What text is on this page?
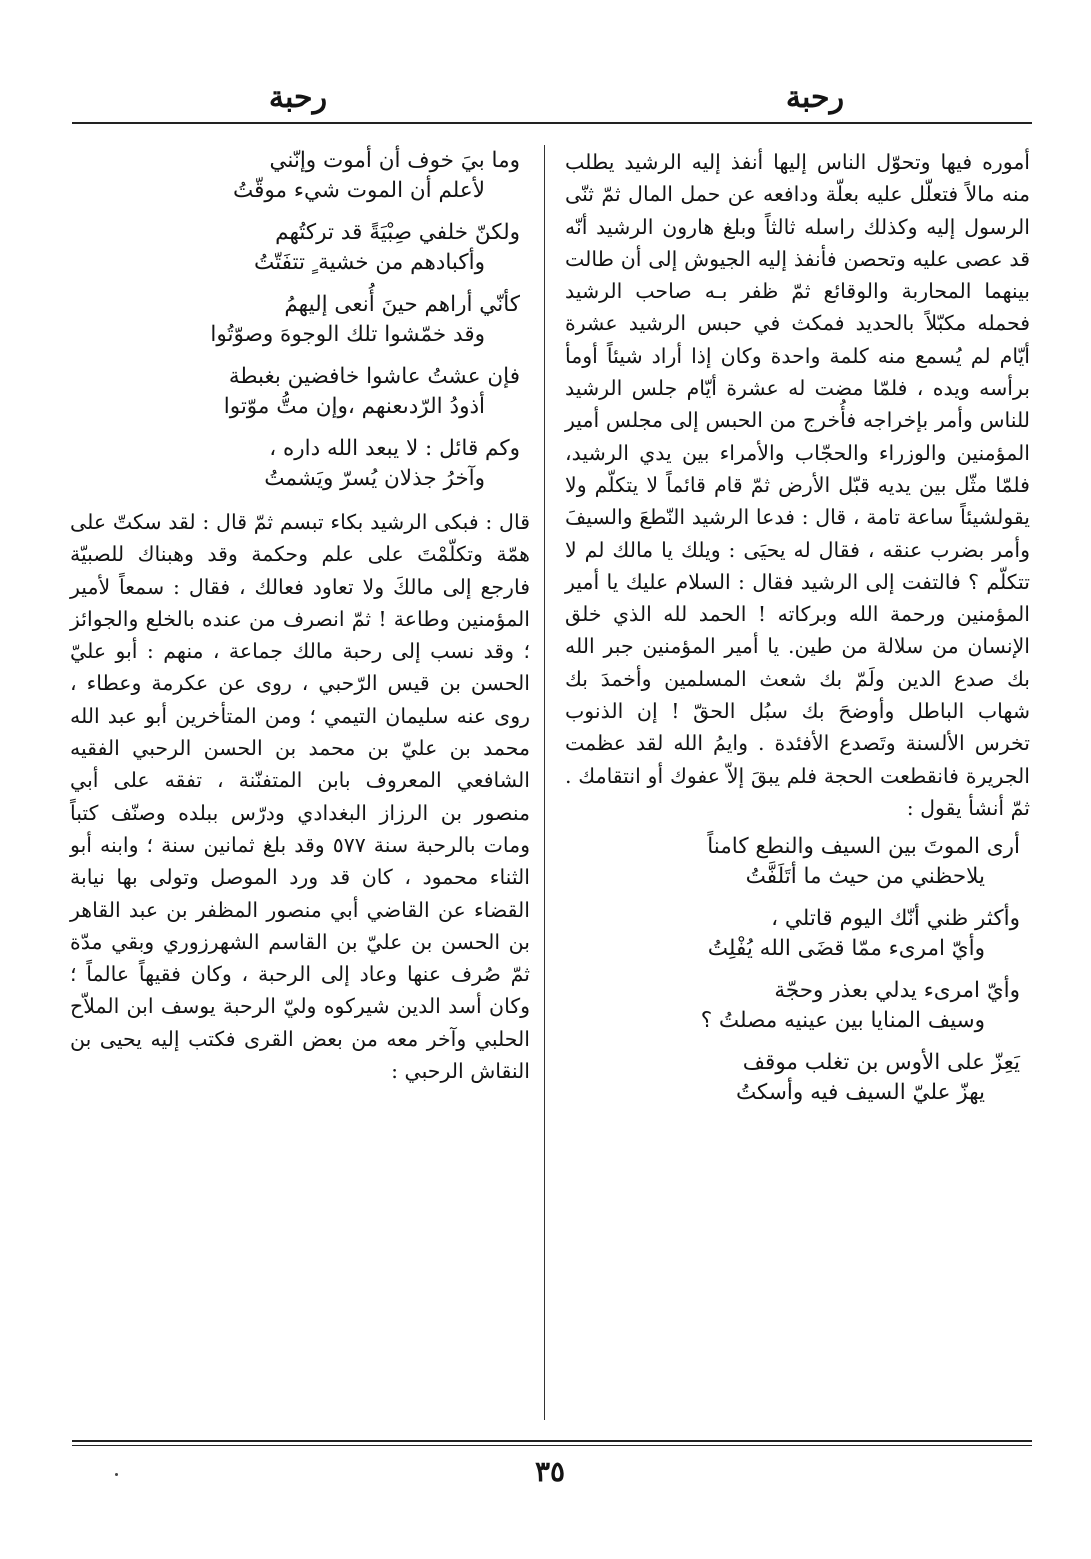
رحبة
رحبة

أموره فيها وتحوّل الناس إليها أنفذ إليه الرشيد يطلب منه مالاً فتعلّل عليه بعلّة ودافعه عن حمل المال ثمّ ثنّى الرسول إليه وكذلك راسله ثالثاً وبلغ هارون الرشيد أنّه قد عصى عليه وتحصن فأنفذ إليه الجيوش إلى أن طالت بينهما المحاربة والوقائع ثمّ ظفر بـه صاحب الرشيد فحمله مكبّلاً بالحديد فمكث في حبس الرشيد عشرة أيّام لم يُسمع منه كلمة واحدة وكان إذا أراد شيئاً أومأ برأسه ويده ، فلمّا مضت له عشرة أيّام جلس الرشيد للناس وأمر بإخراجه فأُخرج من الحبس إلى مجلس أمير المؤمنين والوزراء والحجّاب والأمراء بين يدي الرشيد، فلمّا مثّل بين يديه قبّل الأرض ثمّ قام قائماً لا يتكلّم ولا يقولشيئاً ساعة تامة ، قال : فدعا الرشيد النّطعَ والسيفَ وأمر بضرب عنقه ، فقال له يحيَى : ويلك يا مالك لم لا تتكلّم ؟ فالتفت إلى الرشيد فقال : السلام عليك يا أمير المؤمنين ورحمة الله وبركاته ! الحمد لله الذي خلق الإنسان من سلالة من طين. يا أمير المؤمنين جبر الله بك صدع الدين ولَمّ بك شعث المسلمين وأخمدَ بك شهاب الباطل وأوضحَ بك سبُل الحقّ ! إن الذنوب تخرس الألسنة وتَصدع الأفئدة . وايمُ الله لقد عظمت الجريرة فانقطعت الحجة فلم يبقَ إلاّ عفوك أو انتقامك . ثمّ أنشأ يقول :

أرى الموتَ بين السيف والنطع كامناً
يلاحظني من حيث ما أتَلَفَّتُ
وأكثر ظني أنّك اليوم قاتلي ،
وأيّ امرىء ممّا قضَى الله يُفْلِتُ
وأيّ امرىء يدلي بعذر وحجّة
وسيف المنايا بين عينيه مصلتُ ؟
يَعِزّ على الأوس بن تغلب موقف
يهزّ عليّ السيف فيه وأسكتُ
وما بيَ خوف أن أموت وإنّني
لأعلم أن الموت شيء موقّتُ
ولكنّ خلفي صِبْيَةً قد تركتُهم
وأكبادهم من خشية ٍ تتفَتّتُ
كأنّي أراهم حينَ أُنعى إليهمُ
وقد خمّشوا تلك الوجوهَ وصوّتُوا
فإن عشتُ عاشوا خافضين بغبطة
أذودُ الرّدىعنهم ،وإن متُّ موّتوا
وكم قائل : لا يبعد الله داره ،
وآخرُ جذلان يُسرّ ويَشمتُ

قال : فبكى الرشيد بكاء تبسم ثمّ قال : لقد سكتّ على همّة وتكلّمْتَ على علم وحكمة وقد وهبناك للصبيّة فارجع إلى مالكَ ولا تعاود فعالك ، فقال : سمعاً لأمير المؤمنين وطاعة ! ثمّ انصرف من عنده بالخلع والجوائز ؛ وقد نسب إلى رحبة مالك جماعة ، منهم : أبو عليّ الحسن بن قيس الرّحبي ، روى عن عكرمة وعطاء ، روى عنه سليمان التيمي ؛ ومن المتأخرين أبو عبد الله محمد بن عليّ بن محمد بن الحسن الرحبي الفقيه الشافعي المعروف بابن المتفنّنة ، تفقه على أبي منصور بن الرزاز البغدادي ودرّس ببلده وصنّف كتباً ومات بالرحبة سنة ٥٧٧ وقد بلغ ثمانين سنة ؛ وابنه أبو الثناء محمود ، كان قد ورد الموصل وتولى بها نيابة القضاء عن القاضي أبي منصور المظفر بن عبد القاهر بن الحسن بن عليّ بن القاسم الشهرزوري وبقي مدّة ثمّ صُرف عنها وعاد إلى الرحبة ، وكان فقيهاً عالماً ؛ وكان أسد الدين شيركوه وليّ الرحبة يوسف ابن الملاّح الحلبي وآخر معه من بعض القرى فكتب إليه يحيى بن النقاش الرحبي :

٣٥
